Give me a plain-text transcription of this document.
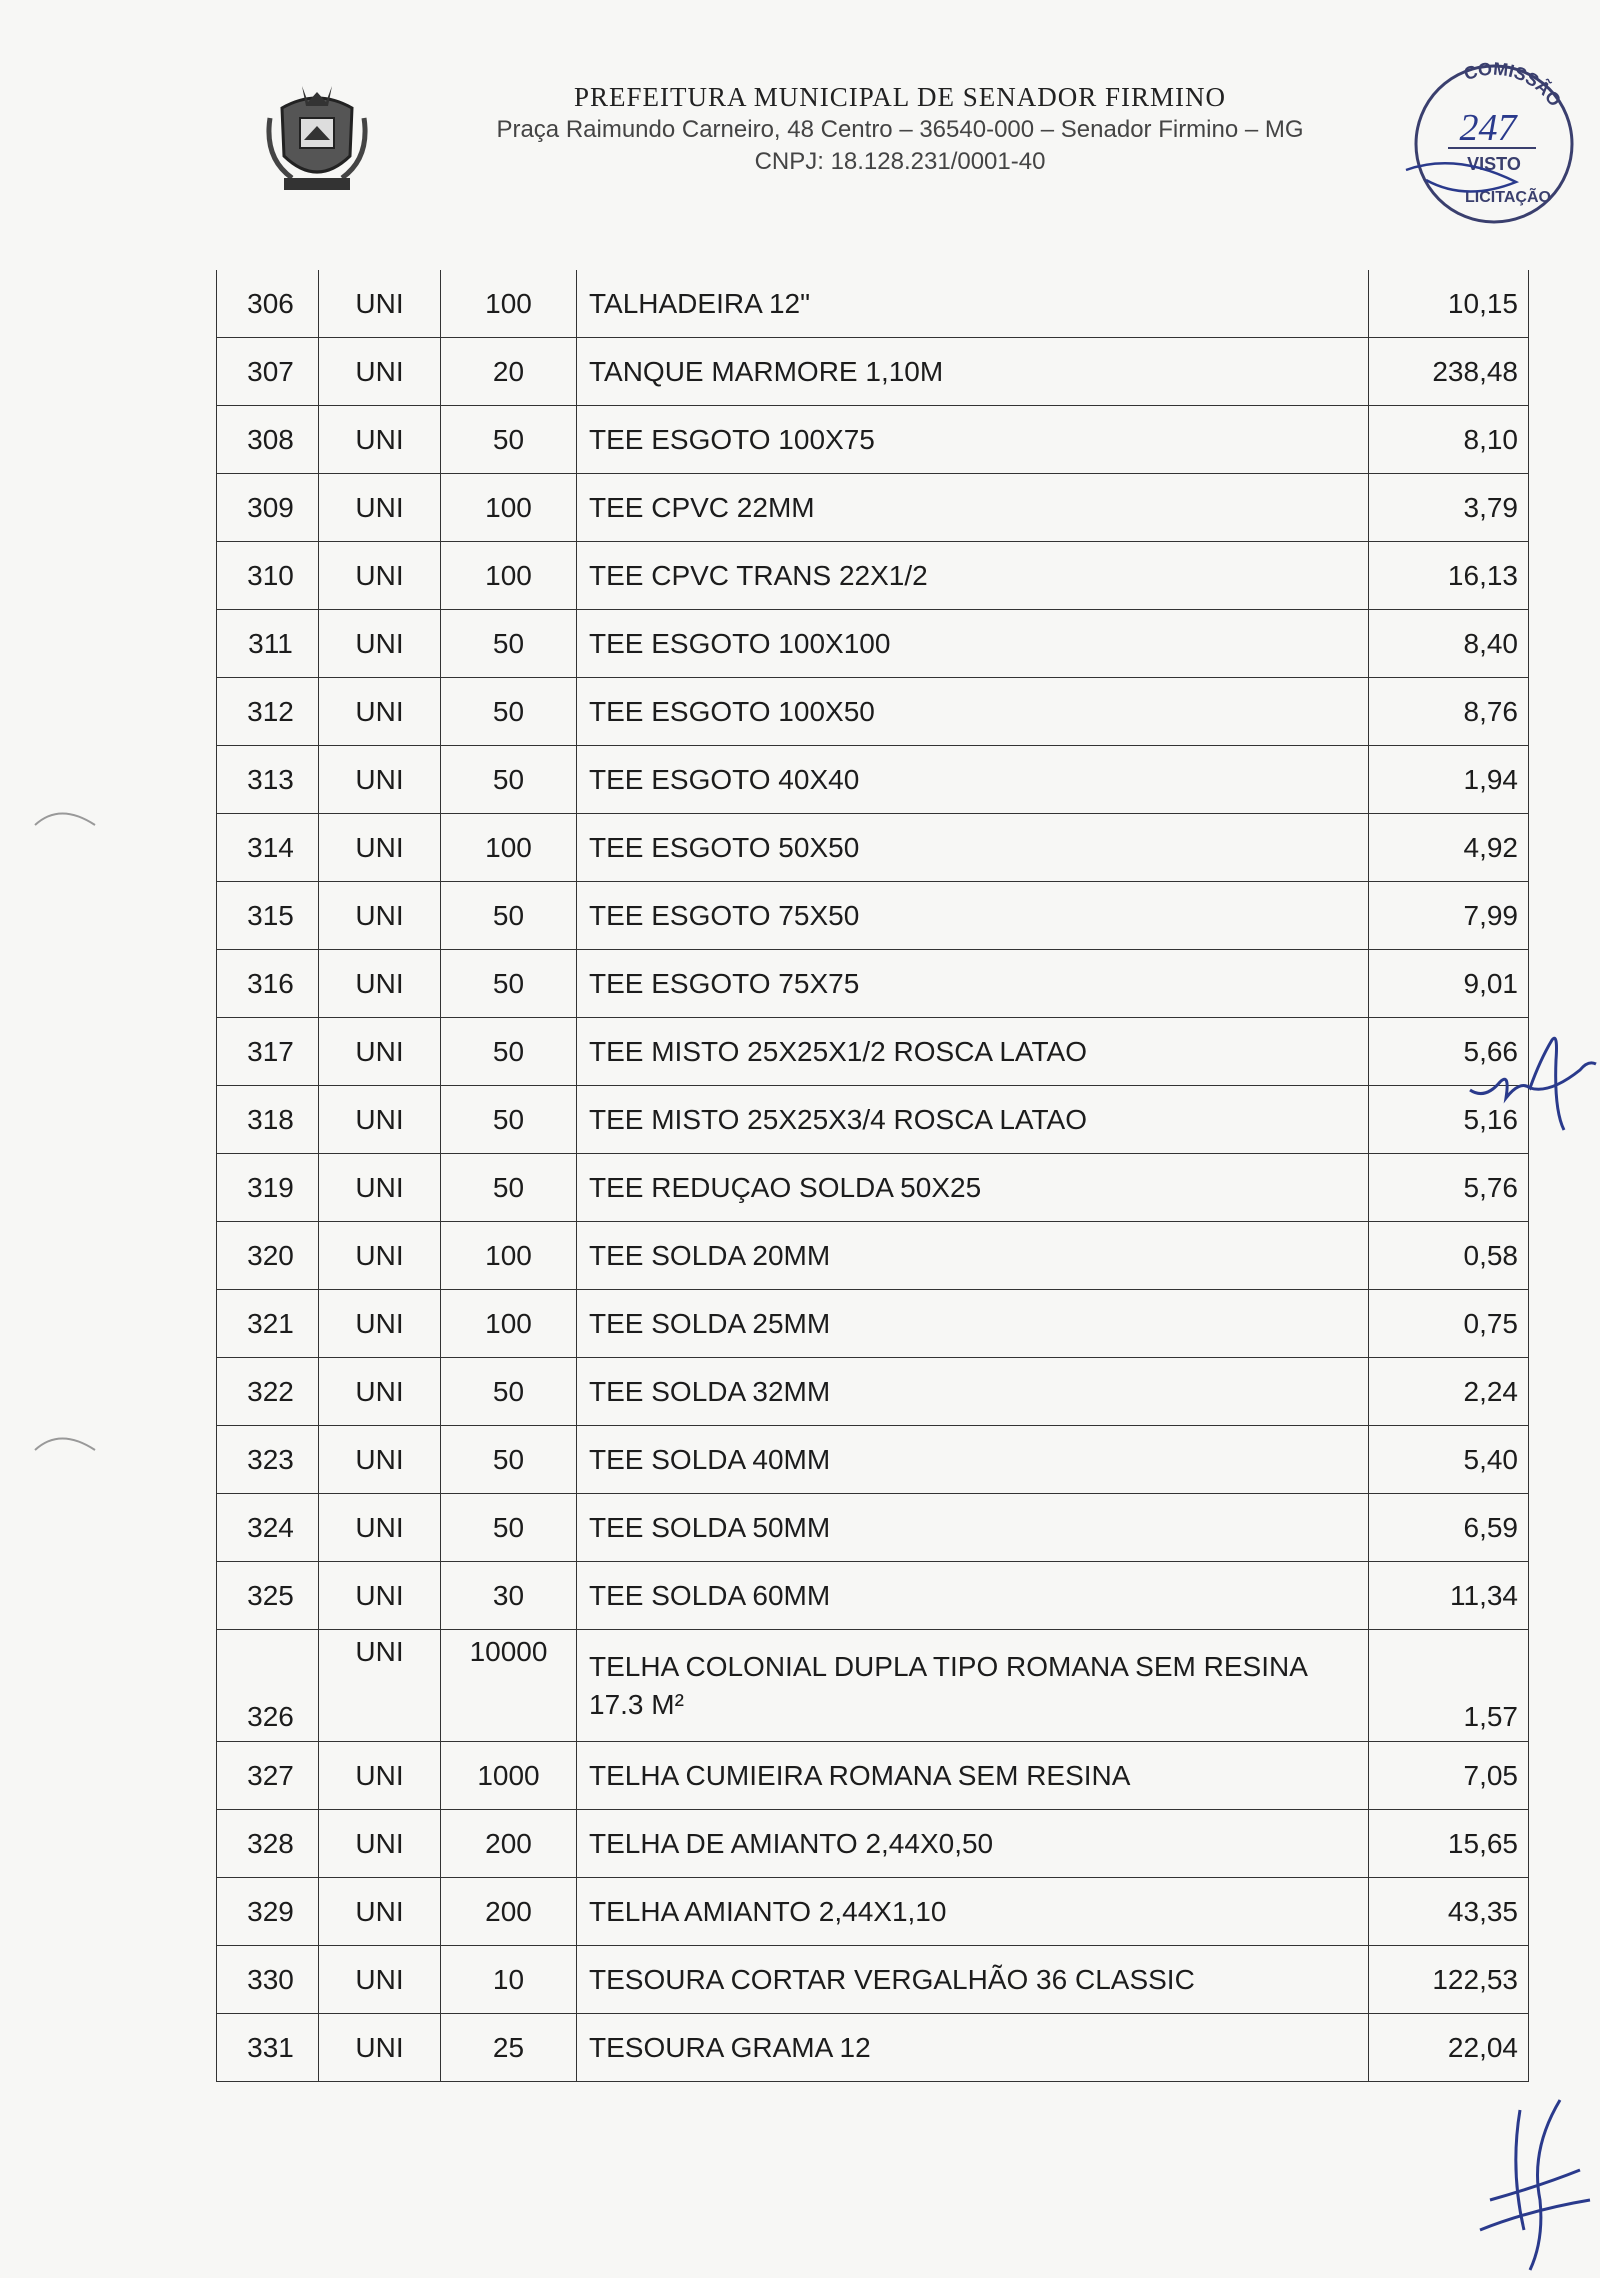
PREFEITURA MUNICIPAL DE SENADOR FIRMINO
Praça Raimundo Carneiro, 48 Centro – 36540-000 – Senador Firmino – MG
CNPJ: 18.128.231/0001-40
COMISSÃO
247
VISTO
LICITAÇÃO
306	UNI	100	TALHADEIRA 12"	10,15
307	UNI	20	TANQUE MARMORE 1,10M	238,48
308	UNI	50	TEE ESGOTO 100X75	8,10
309	UNI	100	TEE CPVC 22MM	3,79
310	UNI	100	TEE CPVC TRANS 22X1/2	16,13
311	UNI	50	TEE ESGOTO 100X100	8,40
312	UNI	50	TEE ESGOTO 100X50	8,76
313	UNI	50	TEE ESGOTO 40X40	1,94
314	UNI	100	TEE ESGOTO 50X50	4,92
315	UNI	50	TEE ESGOTO 75X50	7,99
316	UNI	50	TEE ESGOTO 75X75	9,01
317	UNI	50	TEE MISTO 25X25X1/2 ROSCA LATAO	5,66
318	UNI	50	TEE MISTO 25X25X3/4 ROSCA LATAO	5,16
319	UNI	50	TEE REDUÇAO SOLDA 50X25	5,76
320	UNI	100	TEE SOLDA 20MM	0,58
321	UNI	100	TEE SOLDA 25MM	0,75
322	UNI	50	TEE SOLDA 32MM	2,24
323	UNI	50	TEE SOLDA 40MM	5,40
324	UNI	50	TEE SOLDA 50MM	6,59
325	UNI	30	TEE SOLDA 60MM	11,34
326	UNI	10000	TELHA COLONIAL DUPLA TIPO ROMANA SEM RESINA 17.3 M²	1,57
327	UNI	1000	TELHA CUMIEIRA ROMANA SEM RESINA	7,05
328	UNI	200	TELHA DE AMIANTO 2,44X0,50	15,65
329	UNI	200	TELHA AMIANTO 2,44X1,10	43,35
330	UNI	10	TESOURA CORTAR VERGALHÃO 36 CLASSIC	122,53
331	UNI	25	TESOURA GRAMA 12	22,04
